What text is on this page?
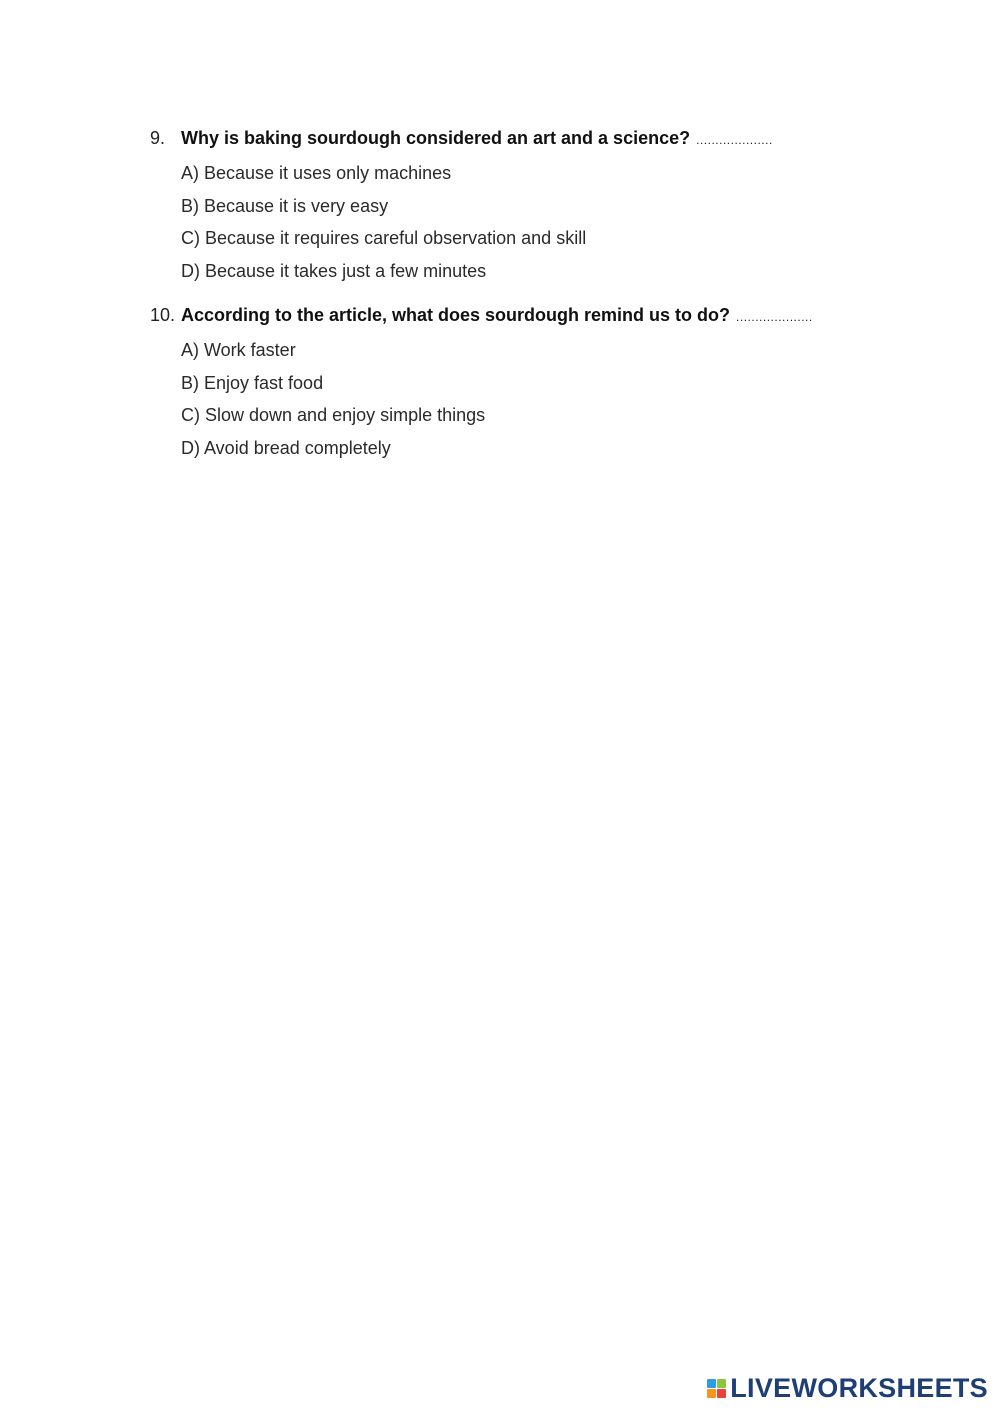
9. Why is baking sourdough considered an art and a science? ....................
A) Because it uses only machines
B) Because it is very easy
C) Because it requires careful observation and skill
D) Because it takes just a few minutes
10. According to the article, what does sourdough remind us to do? ....................
A) Work faster
B) Enjoy fast food
C) Slow down and enjoy simple things
D) Avoid bread completely
LIVEWORKSHEETS
